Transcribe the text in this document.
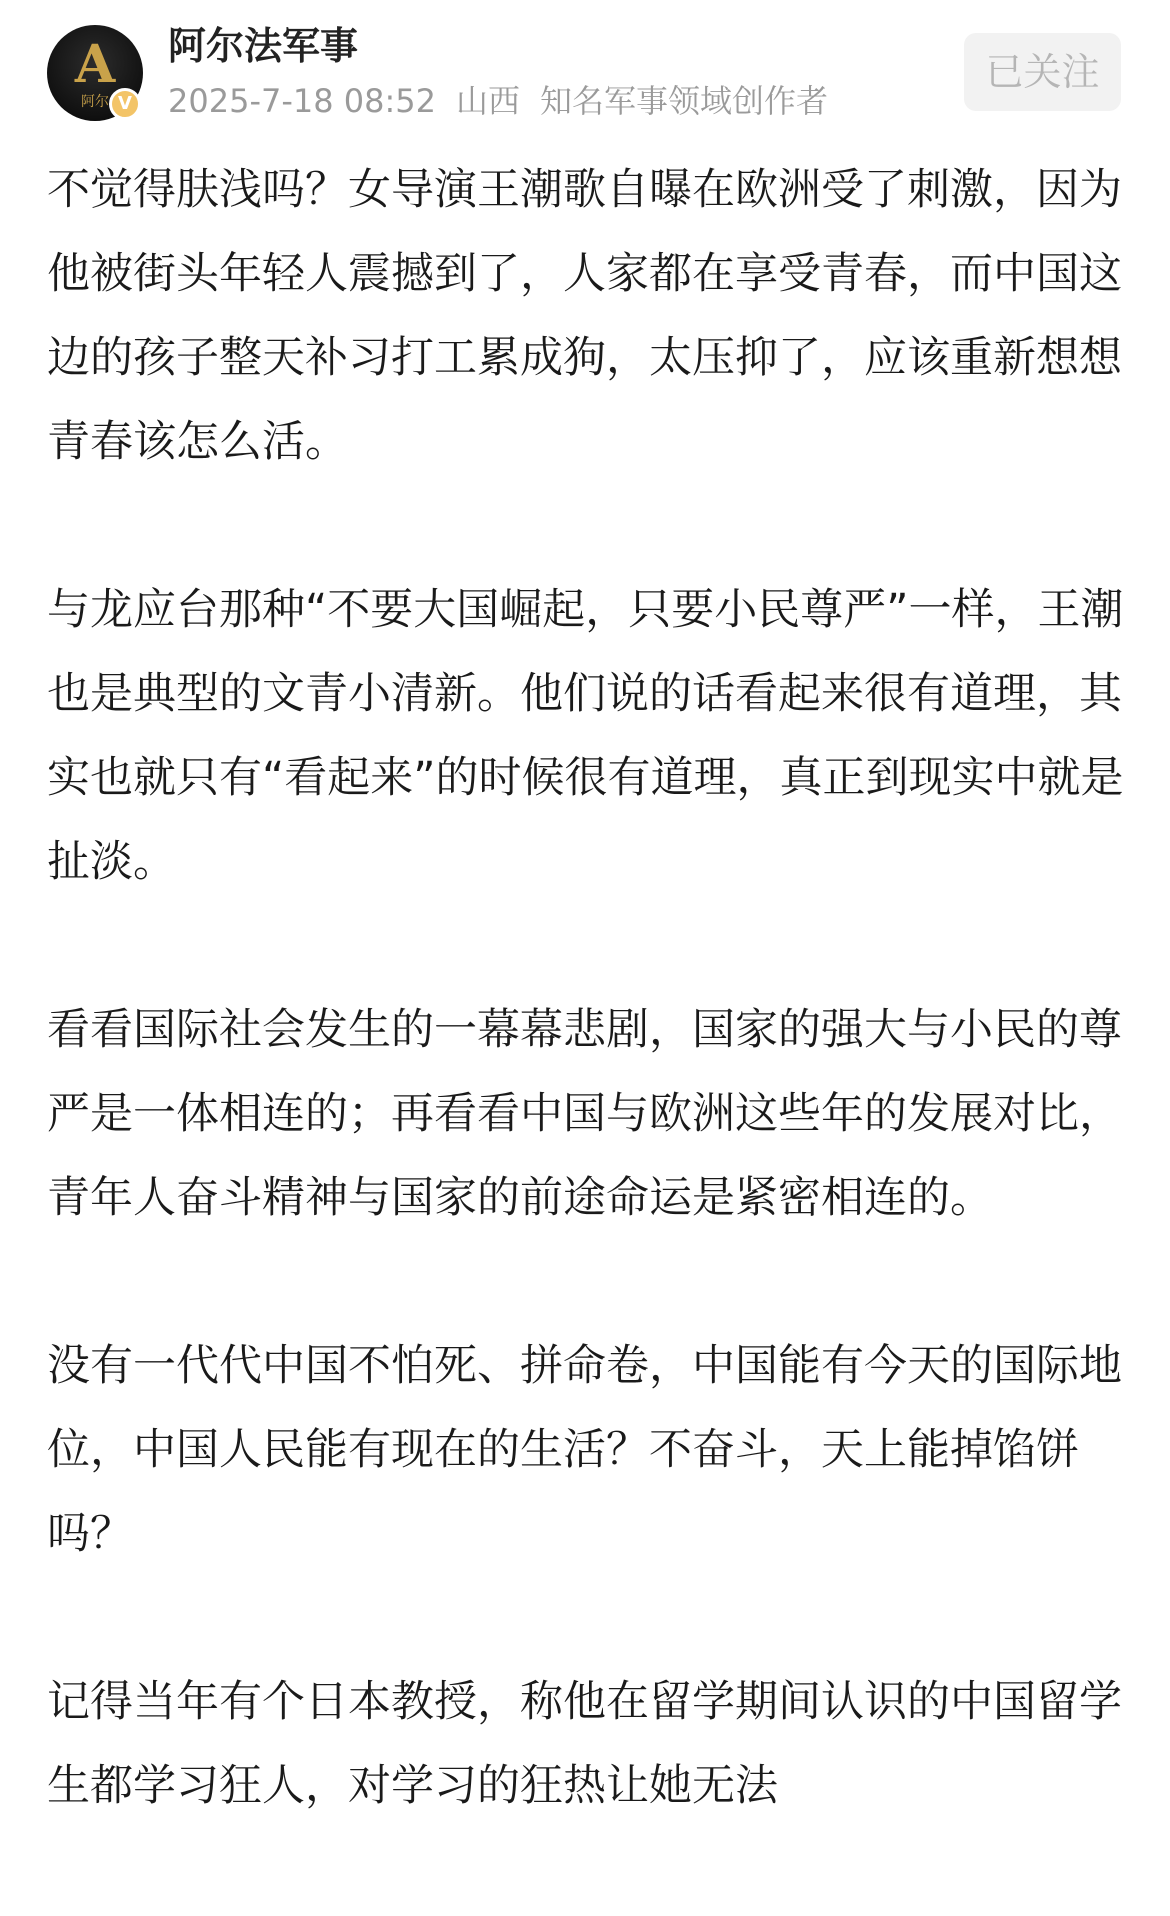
A
阿尔 V
阿尔法军事
2025-7-18 08:52 山西 知名军事领域创作者
已关注

不觉得肤浅吗？女导演王潮歌自曝在欧洲受了刺激，因为他被街头年轻人震撼到了，人家都在享受青春，而中国这边的孩子整天补习打工累成狗，太压抑了，应该重新想想青春该怎么活。

与龙应台那种“不要大国崛起，只要小民尊严”一样，王潮也是典型的文青小清新。他们说的话看起来很有道理，其实也就只有“看起来”的时候很有道理，真正到现实中就是扯淡。

看看国际社会发生的一幕幕悲剧，国家的强大与小民的尊严是一体相连的；再看看中国与欧洲这些年的发展对比，青年人奋斗精神与国家的前途命运是紧密相连的。

没有一代代中国不怕死、拼命卷，中国能有今天的国际地位，中国人民能有现在的生活？不奋斗，天上能掉馅饼吗？

记得当年有个日本教授，称他在留学期间认识的中国留学生都学习狂人，对学习的狂热让她无法
